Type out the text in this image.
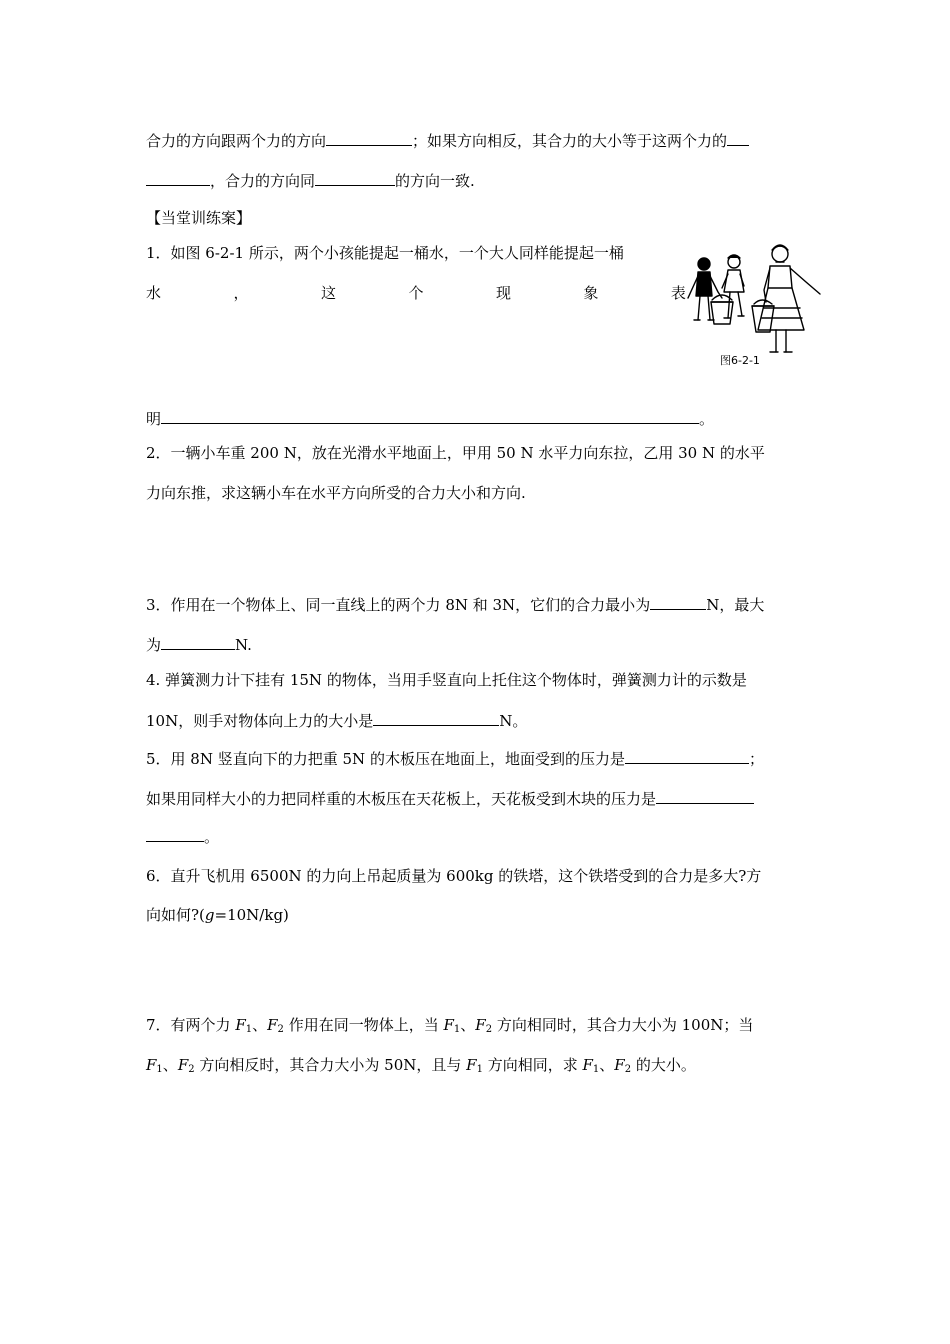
合力的方向跟两个力的方向	；如果方向相反，其合力的大小等于这两个力的
，合力的方向同	的方向一致.
【当堂训练案】
1．如图 6-2-1 所示，两个小孩能提起一桶水，一个大人同样能提起一桶
水	，	这	个	现	象	表
图6-2-1
明	。
2．一辆小车重 200 N，放在光滑水平地面上，甲用 50 N 水平力向东拉，乙用 30 N 的水平
力向东推，求这辆小车在水平方向所受的合力大小和方向.
3．作用在一个物体上、同一直线上的两个力 8N 和 3N，它们的合力最小为	N，最大
为	N.
4. 弹簧测力计下挂有 15N 的物体，当用手竖直向上托住这个物体时，弹簧测力计的示数是
10N，则手对物体向上力的大小是	N。
5．用 8N 竖直向下的力把重 5N 的木板压在地面上，地面受到的压力是	；
如果用同样大小的力把同样重的木板压在天花板上，天花板受到木块的压力是
。
6．直升飞机用 6500N 的力向上吊起质量为 600kg 的铁塔，这个铁塔受到的合力是多大?方
向如何?(g=10N/kg)
7．有两个力 $F_1$、$F_2$ 作用在同一物体上，当 $F_1$、$F_2$ 方向相同时，其合力大小为 100N；当
$F_1$、$F_2$ 方向相反时，其合力大小为 50N，且与 $F_1$ 方向相同，求 $F_1$、$F_2$ 的大小。
